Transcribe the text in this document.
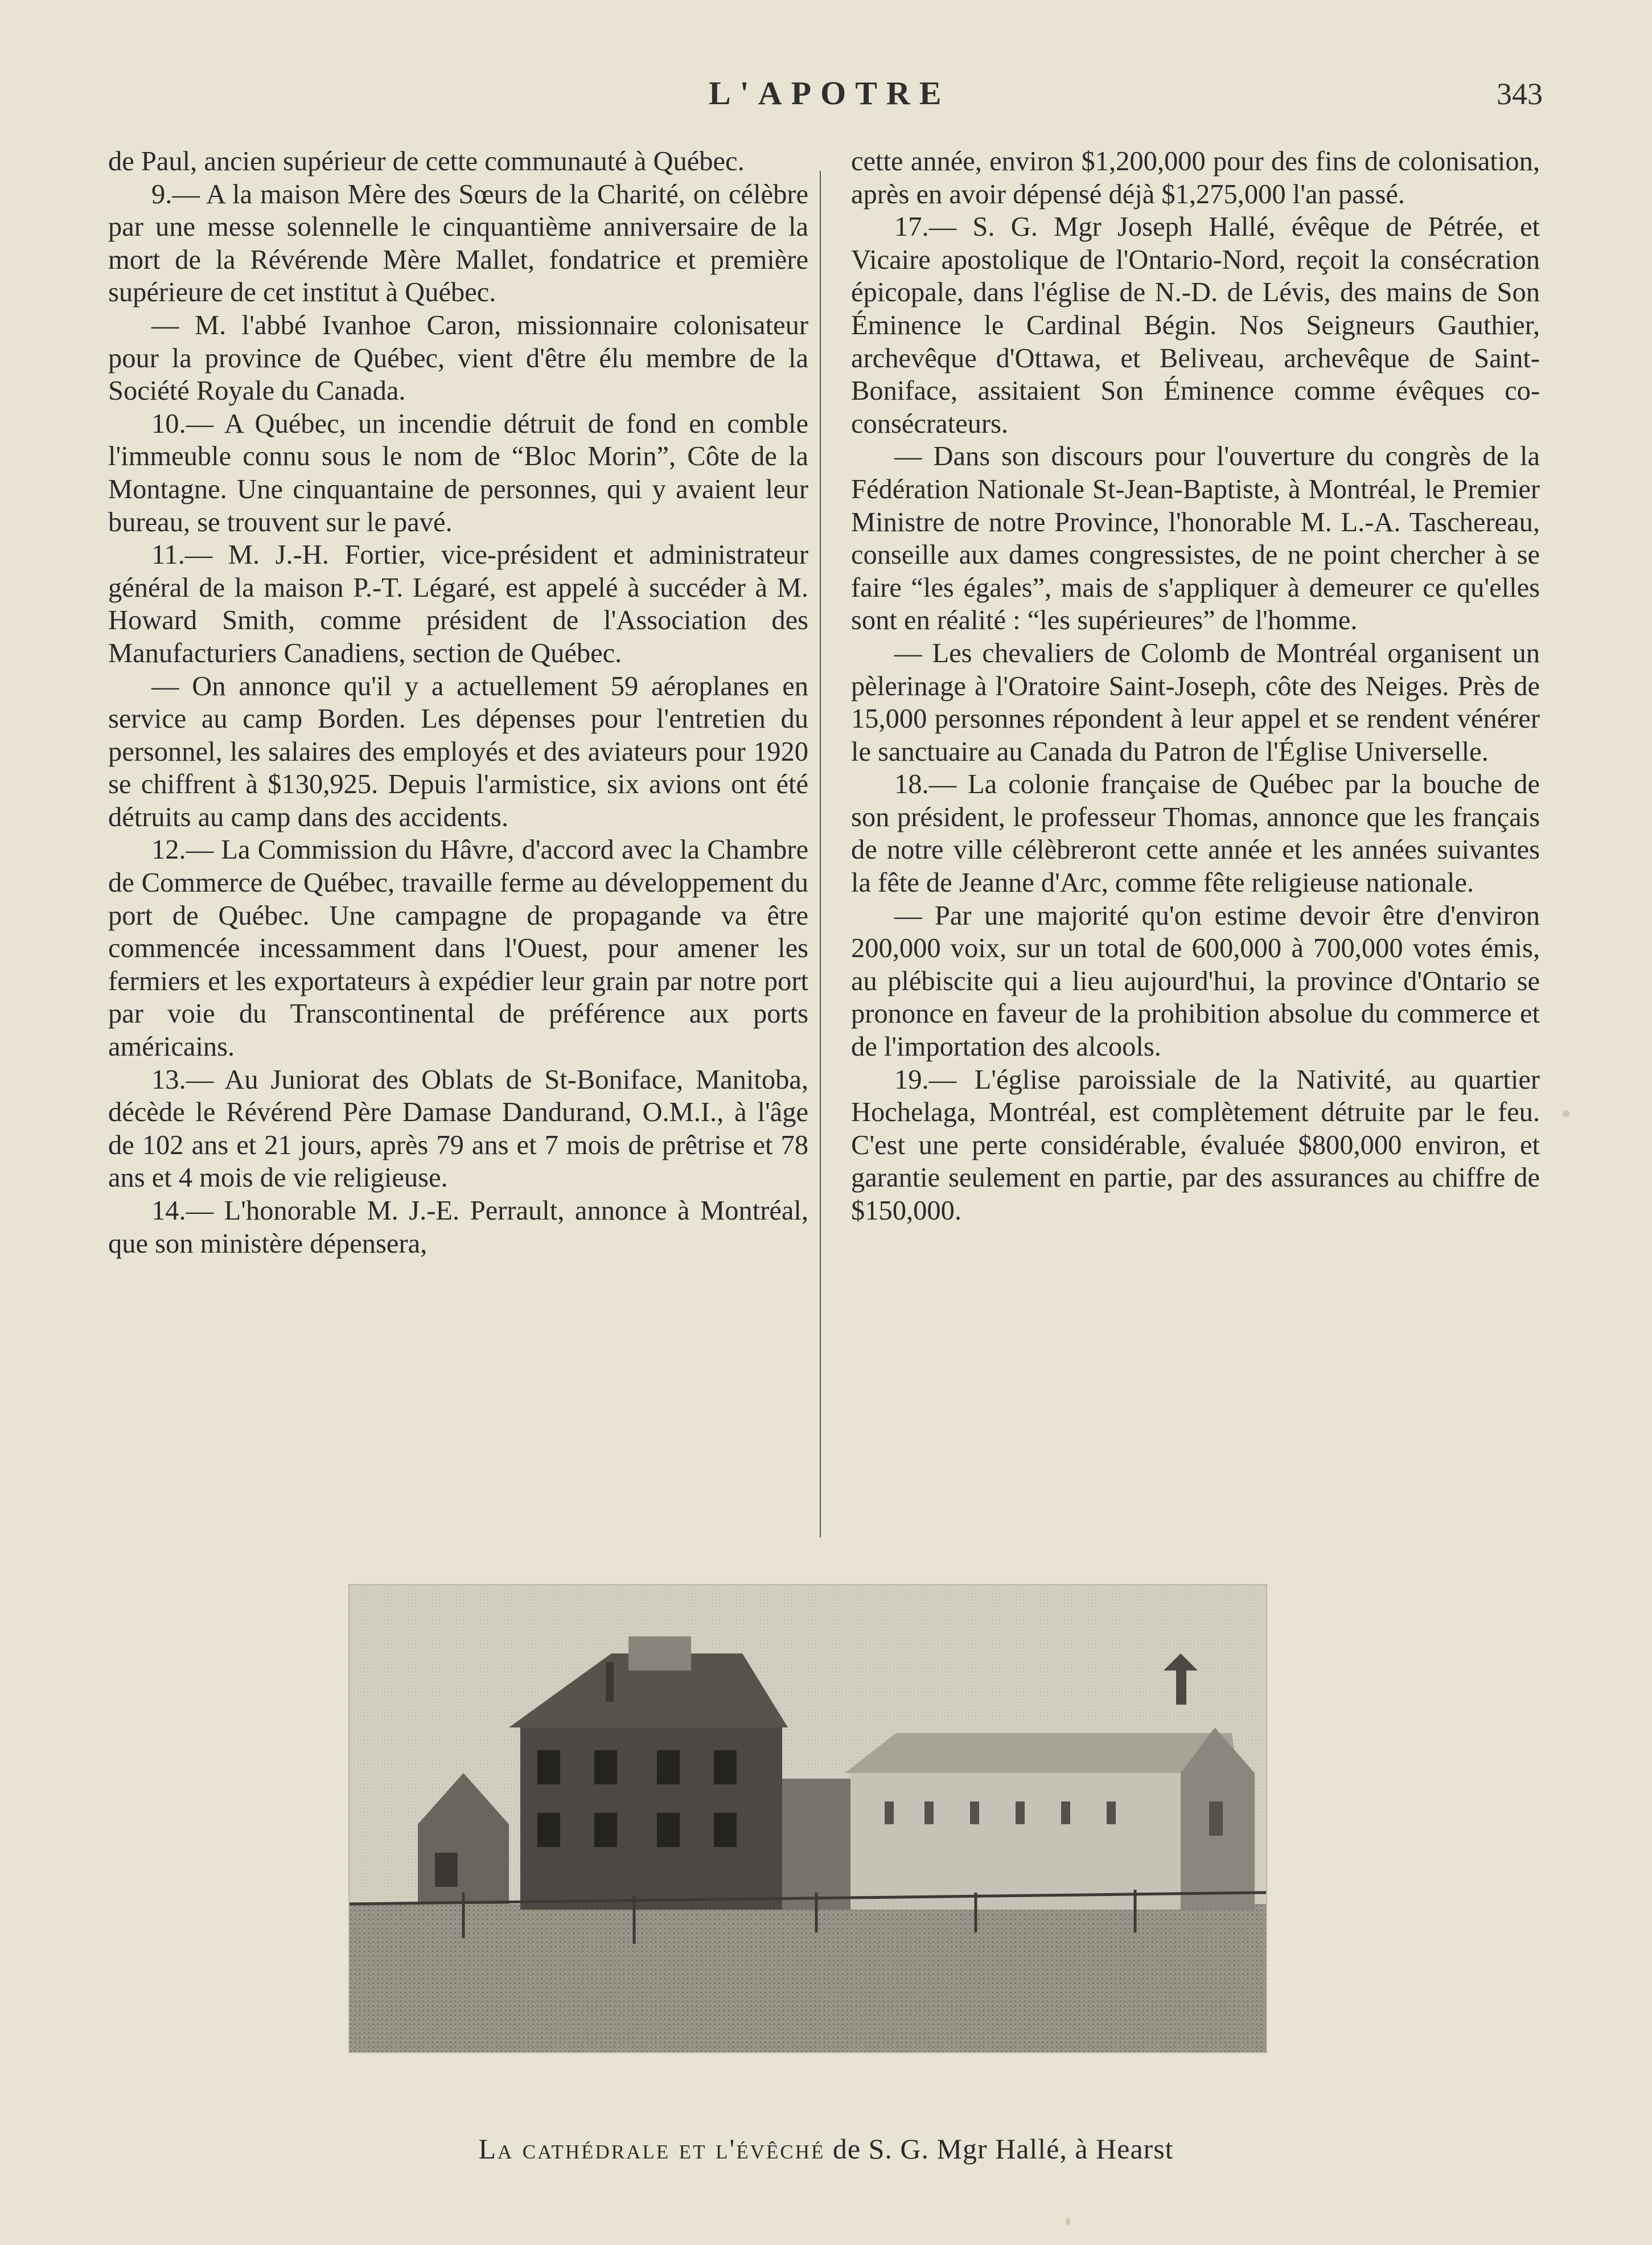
L'APOTRE	343

de Paul, ancien supérieur de cette communauté à Québec.

9.— A la maison Mère des Sœurs de la Charité, on célèbre par une messe solennelle le cinquantième anniversaire de la mort de la Révérende Mère Mallet, fondatrice et première supérieure de cet institut à Québec.

— M. l'abbé Ivanhoe Caron, missionnaire colonisateur pour la province de Québec, vient d'être élu membre de la Société Royale du Canada.

10.— A Québec, un incendie détruit de fond en comble l'immeuble connu sous le nom de “Bloc Morin”, Côte de la Montagne. Une cinquantaine de personnes, qui y avaient leur bureau, se trouvent sur le pavé.

11.— M. J.-H. Fortier, vice-président et administrateur général de la maison P.-T. Légaré, est appelé à succéder à M. Howard Smith, comme président de l'Association des Manufacturiers Canadiens, section de Québec.

— On annonce qu'il y a actuellement 59 aéroplanes en service au camp Borden. Les dépenses pour l'entretien du personnel, les salaires des employés et des aviateurs pour 1920 se chiffrent à $130,925. Depuis l'armistice, six avions ont été détruits au camp dans des accidents.

12.— La Commission du Hâvre, d'accord avec la Chambre de Commerce de Québec, travaille ferme au développement du port de Québec. Une campagne de propagande va être commencée incessamment dans l'Ouest, pour amener les fermiers et les exportateurs à expédier leur grain par notre port par voie du Transcontinental de préférence aux ports américains.

13.— Au Juniorat des Oblats de St-Boniface, Manitoba, décède le Révérend Père Damase Dandurand, O.M.I., à l'âge de 102 ans et 21 jours, après 79 ans et 7 mois de prêtrise et 78 ans et 4 mois de vie religieuse.

14.— L'honorable M. J.-E. Perrault, annonce à Montréal, que son ministère dépensera,

cette année, environ $1,200,000 pour des fins de colonisation, après en avoir dépensé déjà $1,275,000 l'an passé.

17.— S. G. Mgr Joseph Hallé, évêque de Pétrée, et Vicaire apostolique de l'Ontario-Nord, reçoit la consécration épicopale, dans l'église de N.-D. de Lévis, des mains de Son Éminence le Cardinal Bégin. Nos Seigneurs Gauthier, archevêque d'Ottawa, et Beliveau, archevêque de Saint-Boniface, assitaient Son Éminence comme évêques co-consécrateurs.

— Dans son discours pour l'ouverture du congrès de la Fédération Nationale St-Jean-Baptiste, à Montréal, le Premier Ministre de notre Province, l'honorable M. L.-A. Taschereau, conseille aux dames congressistes, de ne point chercher à se faire “les égales”, mais de s'appliquer à demeurer ce qu'elles sont en réalité : “les supérieures” de l'homme.

— Les chevaliers de Colomb de Montréal organisent un pèlerinage à l'Oratoire Saint-Joseph, côte des Neiges. Près de 15,000 personnes répondent à leur appel et se rendent vénérer le sanctuaire au Canada du Patron de l'Église Universelle.

18.— La colonie française de Québec par la bouche de son président, le professeur Thomas, annonce que les français de notre ville célèbreront cette année et les années suivantes la fête de Jeanne d'Arc, comme fête religieuse nationale.

— Par une majorité qu'on estime devoir être d'environ 200,000 voix, sur un total de 600,000 à 700,000 votes émis, au plébiscite qui a lieu aujourd'hui, la province d'Ontario se prononce en faveur de la prohibition absolue du commerce et de l'importation des alcools.

19.— L'église paroissiale de la Nativité, au quartier Hochelaga, Montréal, est complètement détruite par le feu. C'est une perte considérable, évaluée $800,000 environ, et garantie seulement en partie, par des assurances au chiffre de $150,000.

La cathédrale et l'évêché de S. G. Mgr Hallé, à Hearst
